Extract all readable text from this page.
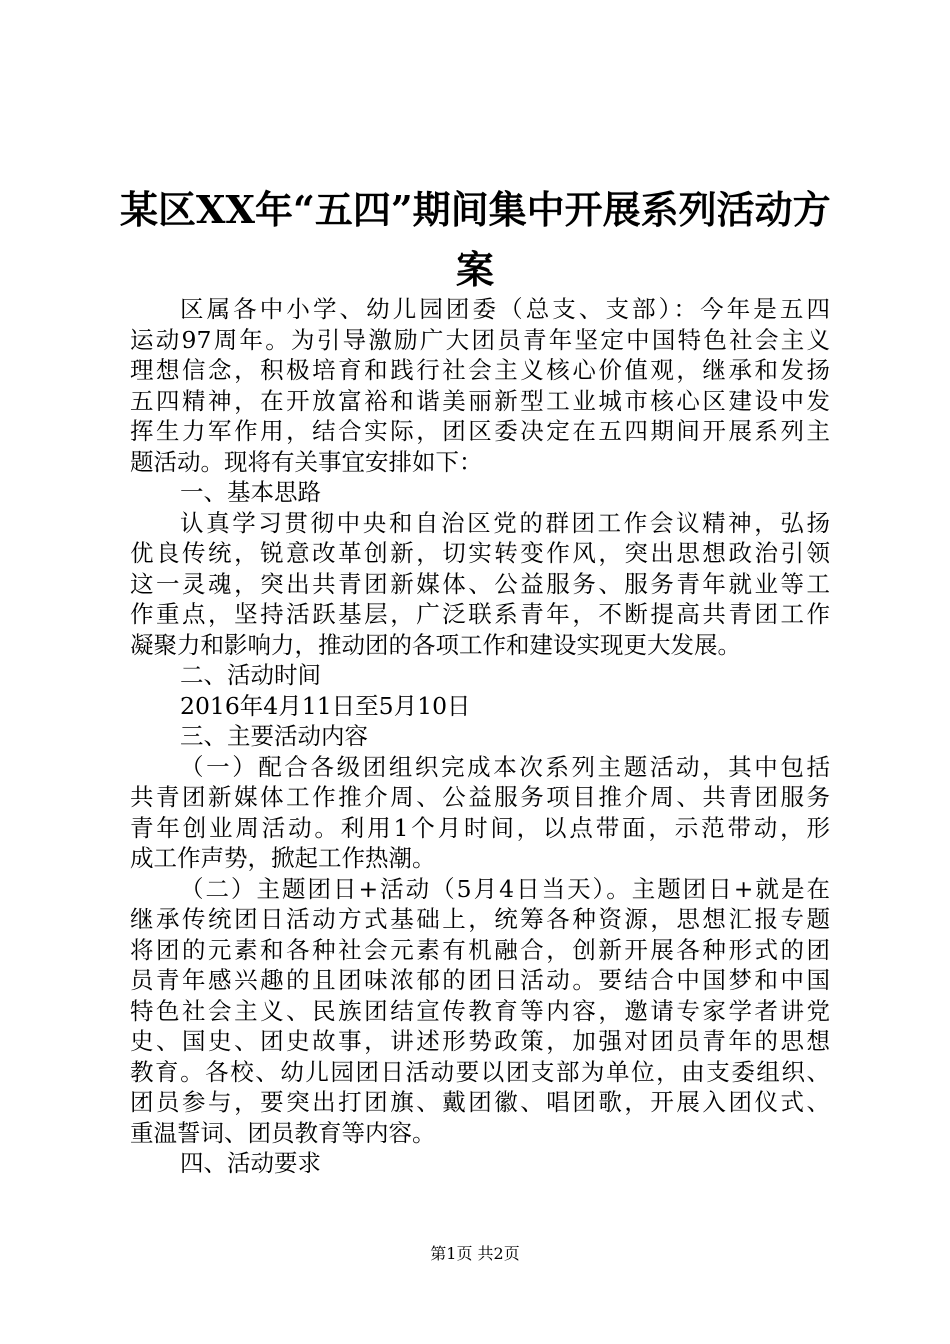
某区XX年“五四”期间集中开展系列活动方
案
区属各中小学、幼儿园团委（总支、支部）：今年是五四
运动97周年。为引导激励广大团员青年坚定中国特色社会主义
理想信念，积极培育和践行社会主义核心价值观，继承和发扬
五四精神，在开放富裕和谐美丽新型工业城市核心区建设中发
挥生力军作用，结合实际，团区委决定在五四期间开展系列主
题活动。现将有关事宜安排如下：
一、基本思路
认真学习贯彻中央和自治区党的群团工作会议精神，弘扬
优良传统，锐意改革创新，切实转变作风，突出思想政治引领
这一灵魂，突出共青团新媒体、公益服务、服务青年就业等工
作重点，坚持活跃基层，广泛联系青年，不断提高共青团工作
凝聚力和影响力，推动团的各项工作和建设实现更大发展。
二、活动时间
2016年4月11日至5月10日
三、主要活动内容
（一）配合各级团组织完成本次系列主题活动，其中包括
共青团新媒体工作推介周、公益服务项目推介周、共青团服务
青年创业周活动。利用1个月时间，以点带面，示范带动，形
成工作声势，掀起工作热潮。
（二）主题团日+活动（5月4日当天）。主题团日+就是在
继承传统团日活动方式基础上，统筹各种资源，思想汇报专题
将团的元素和各种社会元素有机融合，创新开展各种形式的团
员青年感兴趣的且团味浓郁的团日活动。要结合中国梦和中国
特色社会主义、民族团结宣传教育等内容，邀请专家学者讲党
史、国史、团史故事，讲述形势政策，加强对团员青年的思想
教育。各校、幼儿园团日活动要以团支部为单位，由支委组织、
团员参与，要突出打团旗、戴团徽、唱团歌，开展入团仪式、
重温誓词、团员教育等内容。
四、活动要求
第1页 共2页
